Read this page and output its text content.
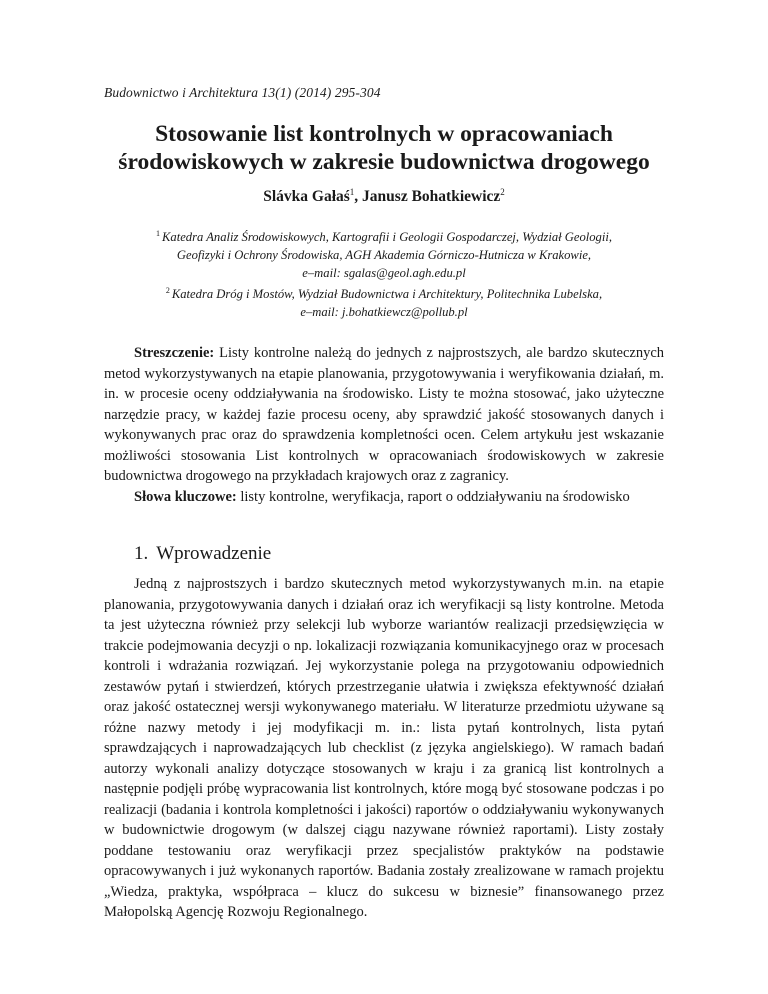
Budownictwo i Architektura 13(1) (2014) 295-304
Stosowanie list kontrolnych w opracowaniach
środowiskowych w zakresie budownictwa drogowego
Slávka Gałaś$^1$, Janusz Bohatkiewicz$^2$
$^1$ Katedra Analiz Środowiskowych, Kartografii i Geologii Gospodarczej, Wydział Geologii,
Geofizyki i Ochrony Środowiska, AGH Akademia Górniczo-Hutnicza w Krakowie,
e–mail: sgalas@geol.agh.edu.pl
$^2$ Katedra Dróg i Mostów, Wydział Budownictwa i Architektury, Politechnika Lubelska,
e–mail: j.bohatkiewcz@pollub.pl

Streszczenie: Listy kontrolne należą do jednych z najprostszych, ale bardzo skutecznych metod wykorzystywanych na etapie planowania, przygotowywania i weryfikowania działań, m. in. w procesie oceny oddziaływania na środowisko. Listy te można stosować, jako użyteczne narzędzie pracy, w każdej fazie procesu oceny, aby sprawdzić jakość stosowanych danych i wykonywanych prac oraz do sprawdzenia kompletności ocen. Celem artykułu jest wskazanie możliwości stosowania List kontrolnych w opracowaniach środowiskowych w zakresie budownictwa drogowego na przykładach krajowych oraz z zagranicy.

Słowa kluczowe: listy kontrolne, weryfikacja, raport o oddziaływaniu na środowisko

1. Wprowadzenie

Jedną z najprostszych i bardzo skutecznych metod wykorzystywanych m.in. na etapie planowania, przygotowywania danych i działań oraz ich weryfikacji są listy kontrolne. Metoda ta jest użyteczna również przy selekcji lub wyborze wariantów realizacji przedsięwzięcia w trakcie podejmowania decyzji o np. lokalizacji rozwiązania komunikacyjnego oraz w procesach kontroli i wdrażania rozwiązań. Jej wykorzystanie polega na przygotowaniu odpowiednich zestawów pytań i stwierdzeń, których przestrzeganie ułatwia i zwiększa efektywność działań oraz jakość ostatecznej wersji wykonywanego materiału. W literaturze przedmiotu używane są różne nazwy metody i jej modyfikacji m. in.: lista pytań kontrolnych, lista pytań sprawdzających i naprowadzających lub checklist (z języka angielskiego). W ramach badań autorzy wykonali analizy dotyczące stosowanych w kraju i za granicą list kontrolnych a następnie podjęli próbę wypracowania list kontrolnych, które mogą być stosowane podczas i po realizacji (badania i kontrola kompletności i jakości) raportów o oddziaływaniu wykonywanych w budownictwie drogowym (w dalszej ciągu nazywane również raportami). Listy zostały poddane testowaniu oraz weryfikacji przez specjalistów praktyków na podstawie opracowywanych i już wykonanych raportów. Badania zostały zrealizowane w ramach projektu „Wiedza, praktyka, współpraca – klucz do sukcesu w biznesie” finansowanego przez Małopolską Agencję Rozwoju Regionalnego.
